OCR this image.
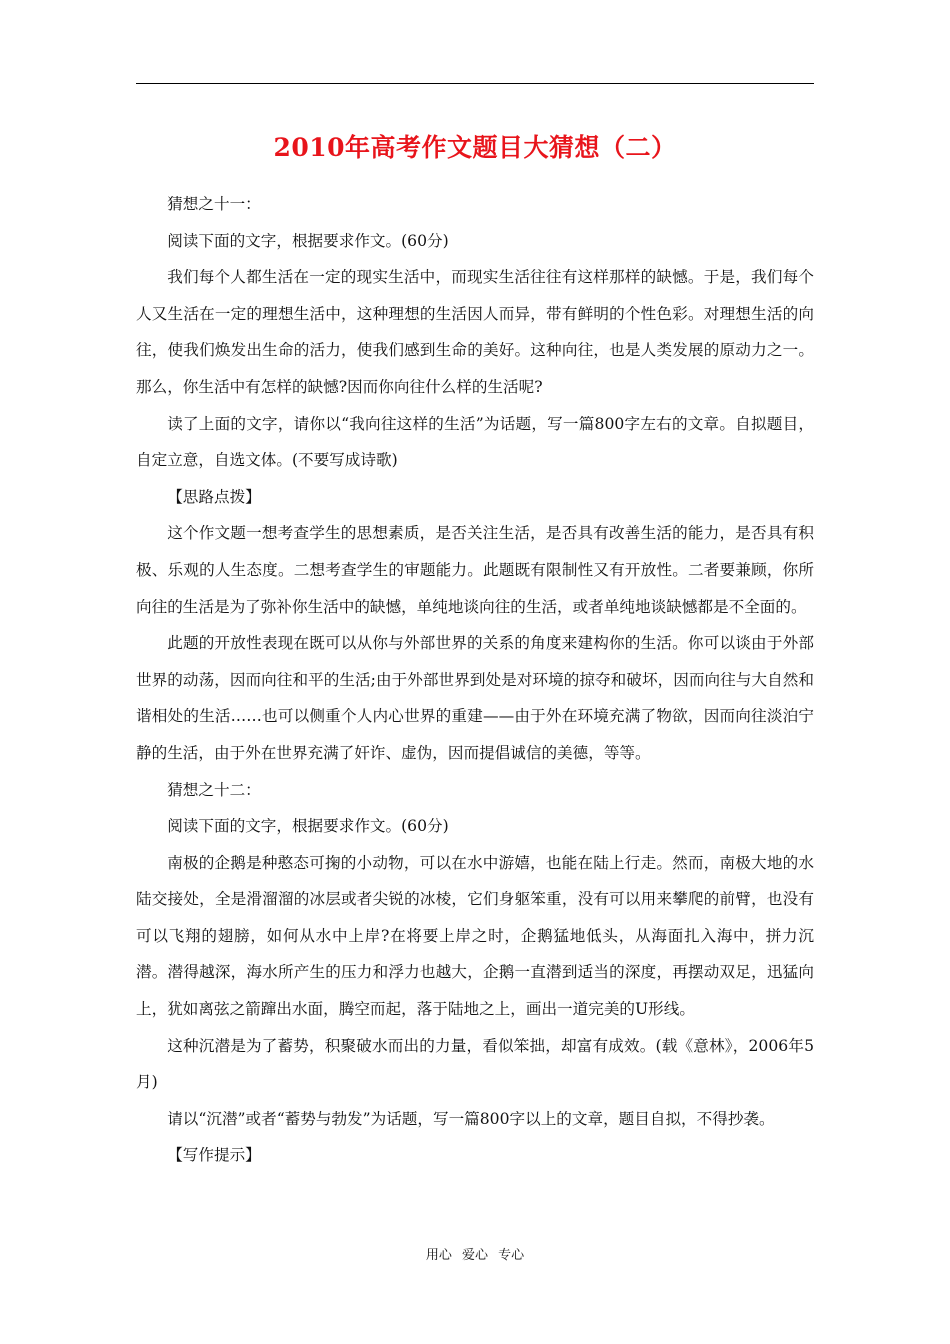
2010年高考作文题目大猜想（二）

猜想之十一：

阅读下面的文字，根据要求作文。(60分)

我们每个人都生活在一定的现实生活中，而现实生活往往有这样那样的缺憾。于是，我们每个人又生活在一定的理想生活中，这种理想的生活因人而异，带有鲜明的个性色彩。对理想生活的向往，使我们焕发出生命的活力，使我们感到生命的美好。这种向往，也是人类发展的原动力之一。那么，你生活中有怎样的缺憾?因而你向往什么样的生活呢?

读了上面的文字，请你以“我向往这样的生活”为话题，写一篇800字左右的文章。自拟题目，自定立意，自选文体。(不要写成诗歌)

【思路点拨】

这个作文题一想考查学生的思想素质，是否关注生活，是否具有改善生活的能力，是否具有积极、乐观的人生态度。二想考查学生的审题能力。此题既有限制性又有开放性。二者要兼顾，你所向往的生活是为了弥补你生活中的缺憾，单纯地谈向往的生活，或者单纯地谈缺憾都是不全面的。

此题的开放性表现在既可以从你与外部世界的关系的角度来建构你的生活。你可以谈由于外部世界的动荡，因而向往和平的生活;由于外部世界到处是对环境的掠夺和破坏，因而向往与大自然和谐相处的生活……也可以侧重个人内心世界的重建——由于外在环境充满了物欲，因而向往淡泊宁静的生活，由于外在世界充满了奸诈、虚伪，因而提倡诚信的美德，等等。

猜想之十二：

阅读下面的文字，根据要求作文。(60分)

南极的企鹅是种憨态可掬的小动物，可以在水中游嬉，也能在陆上行走。然而，南极大地的水陆交接处，全是滑溜溜的冰层或者尖锐的冰棱，它们身躯笨重，没有可以用来攀爬的前臂，也没有可以飞翔的翅膀，如何从水中上岸?在将要上岸之时，企鹅猛地低头，从海面扎入海中，拼力沉潜。潜得越深，海水所产生的压力和浮力也越大，企鹅一直潜到适当的深度，再摆动双足，迅猛向上，犹如离弦之箭蹿出水面，腾空而起，落于陆地之上，画出一道完美的U形线。

这种沉潜是为了蓄势，积聚破水而出的力量，看似笨拙，却富有成效。(载《意林》，2006年5月)

请以“沉潜”或者“蓄势与勃发”为话题，写一篇800字以上的文章，题目自拟，不得抄袭。

【写作提示】

用心 爱心 专心
